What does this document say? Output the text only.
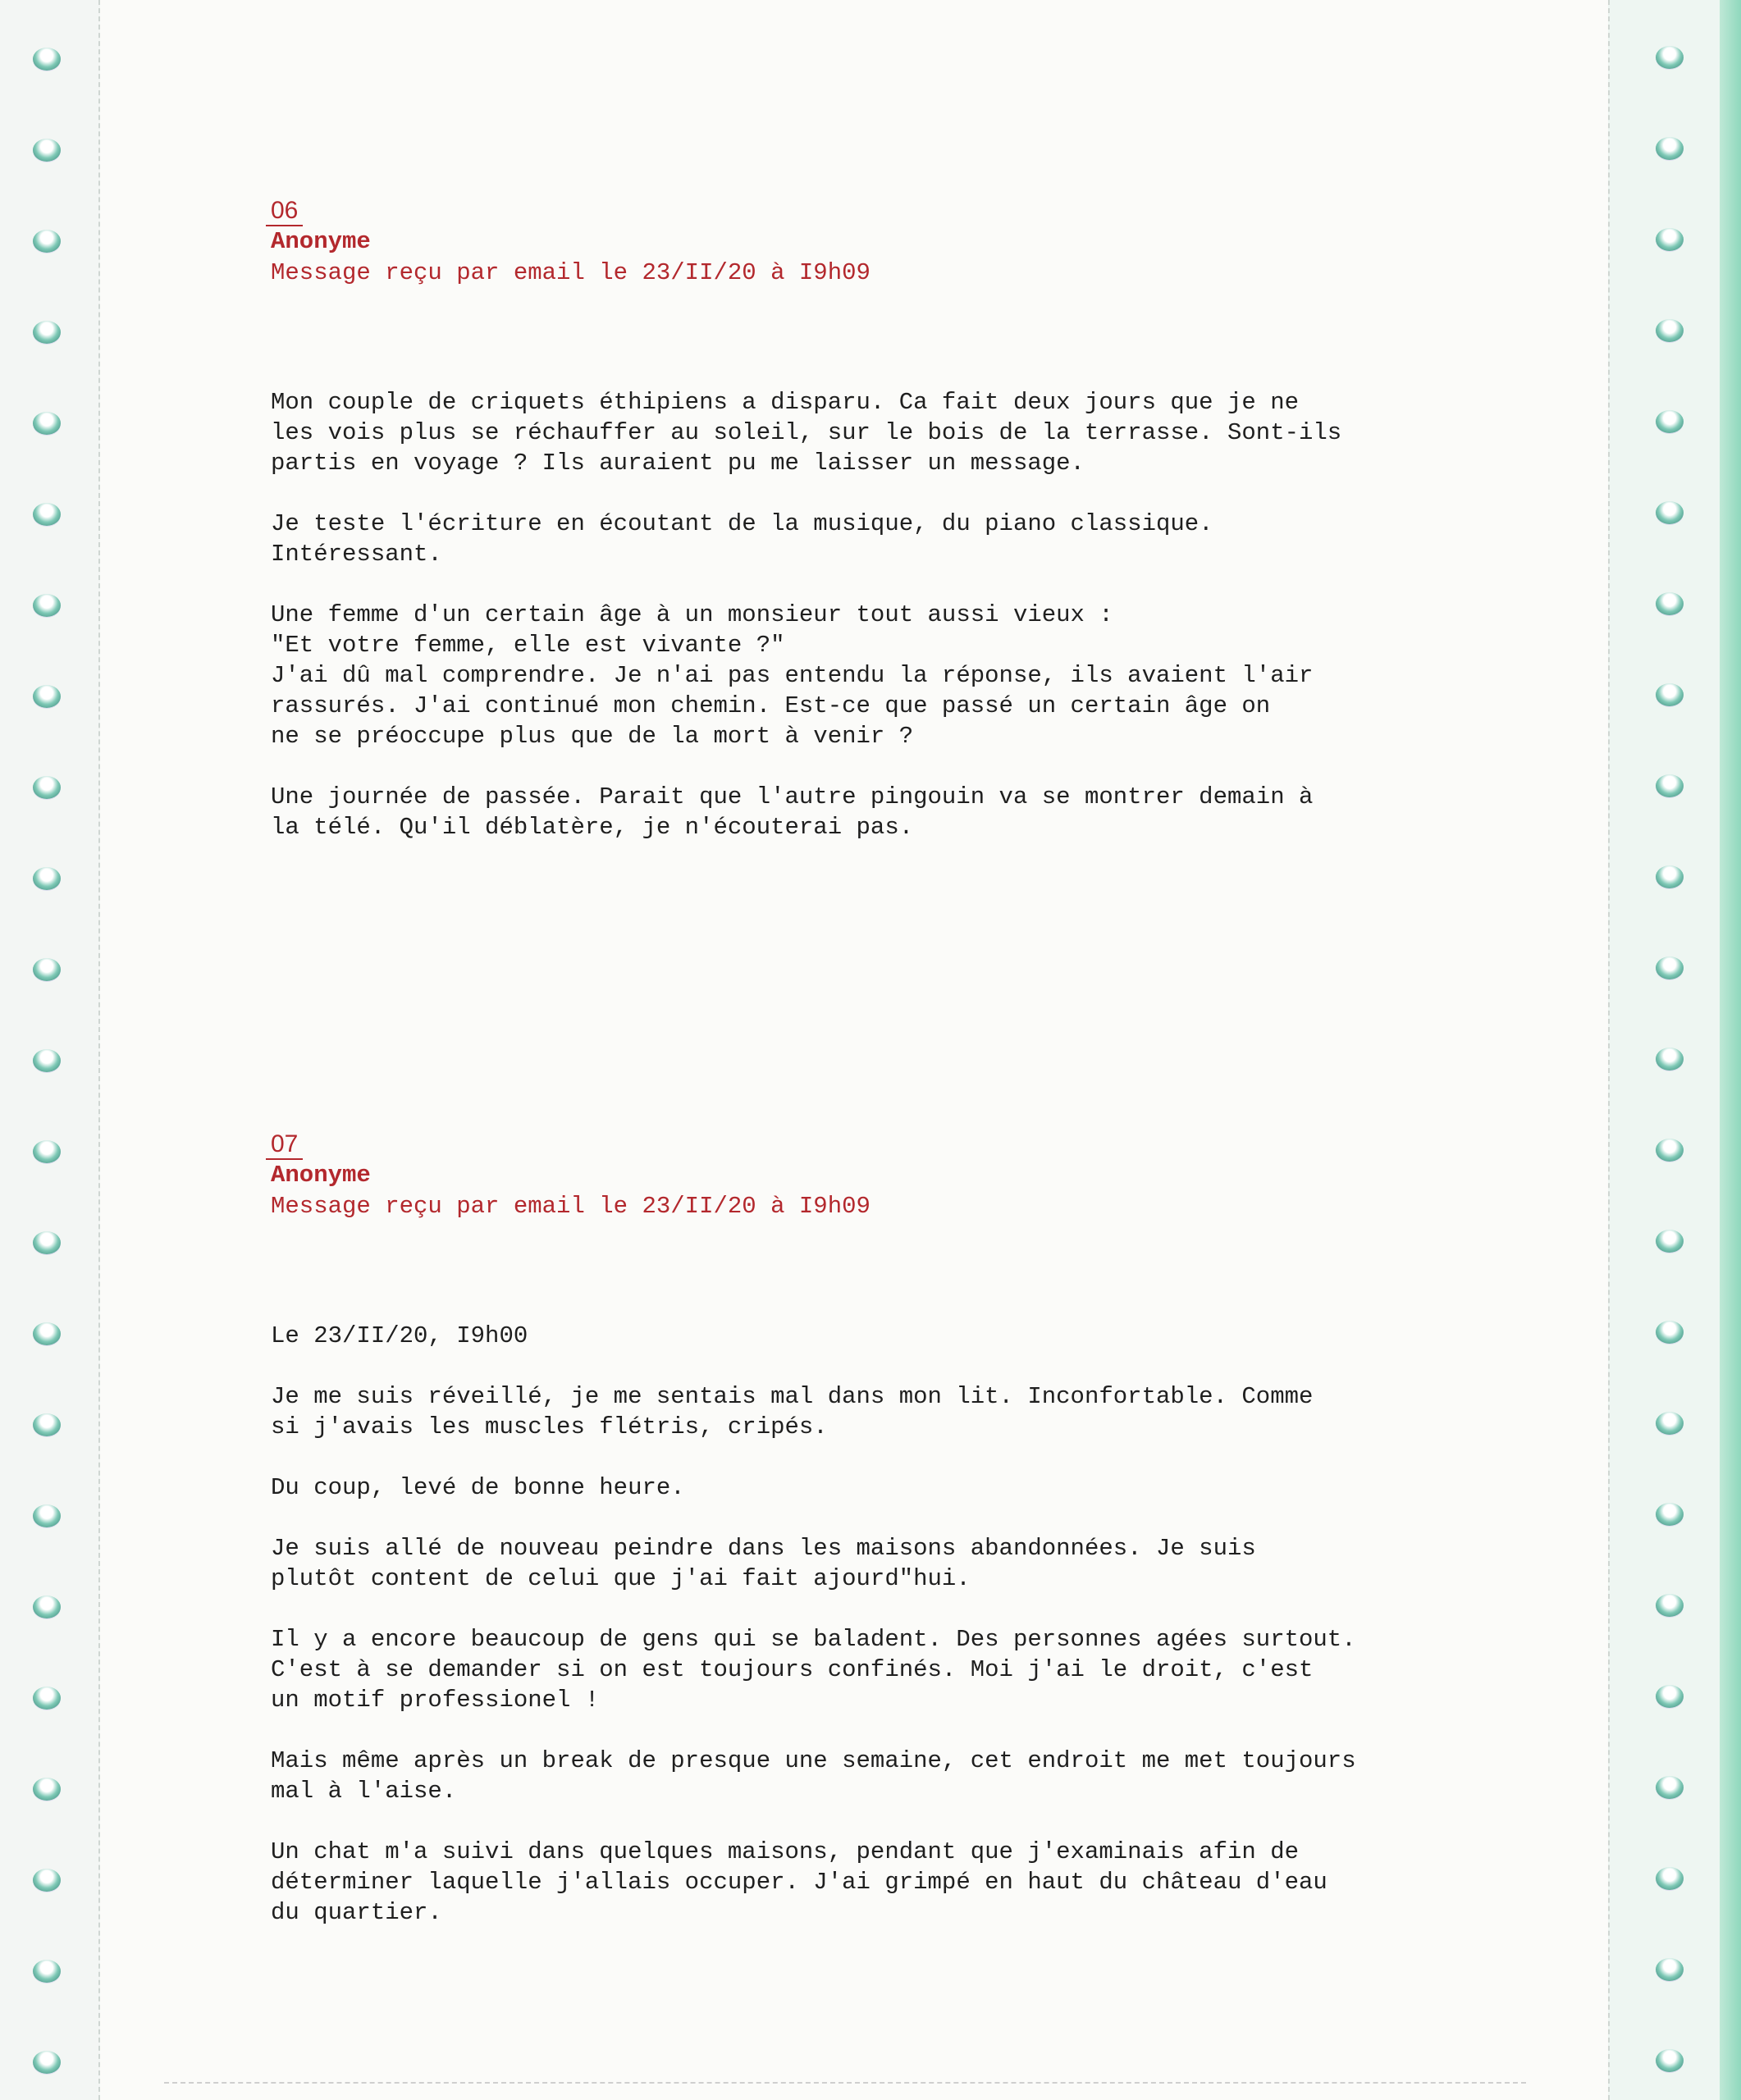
06

Anonyme

Message reçu par email le 23/II/20 à I9h09

Mon couple de criquets éthipiens a disparu. Ca fait deux jours que je ne
les vois plus se réchauffer au soleil, sur le bois de la terrasse. Sont-ils
partis en voyage ? Ils auraient pu me laisser un message.

Je teste l'écriture en écoutant de la musique, du piano classique.
Intéressant.

Une femme d'un certain âge à un monsieur tout aussi vieux :
"Et votre femme, elle est vivante ?"
J'ai dû mal comprendre. Je n'ai pas entendu la réponse, ils avaient l'air
rassurés. J'ai continué mon chemin. Est-ce que passé un certain âge on
ne se préoccupe plus que de la mort à venir ?

Une journée de passée. Parait que l'autre pingouin va se montrer demain à
la télé. Qu'il déblatère, je n'écouterai pas.

07

Anonyme

Message reçu par email le 23/II/20 à I9h09

Le 23/II/20, I9h00

Je me suis réveillé, je me sentais mal dans mon lit. Inconfortable. Comme
si j'avais les muscles flétris, cripés.

Du coup, levé de bonne heure.

Je suis allé de nouveau peindre dans les maisons abandonnées. Je suis
plutôt content de celui que j'ai fait ajourd"hui.

Il y a encore beaucoup de gens qui se baladent. Des personnes agées surtout.
C'est à se demander si on est toujours confinés. Moi j'ai le droit, c'est
un motif professionel !

Mais même après un break de presque une semaine, cet endroit me met toujours
mal à l'aise.

Un chat m'a suivi dans quelques maisons, pendant que j'examinais afin de
déterminer laquelle j'allais occuper. J'ai grimpé en haut du château d'eau
du quartier.
